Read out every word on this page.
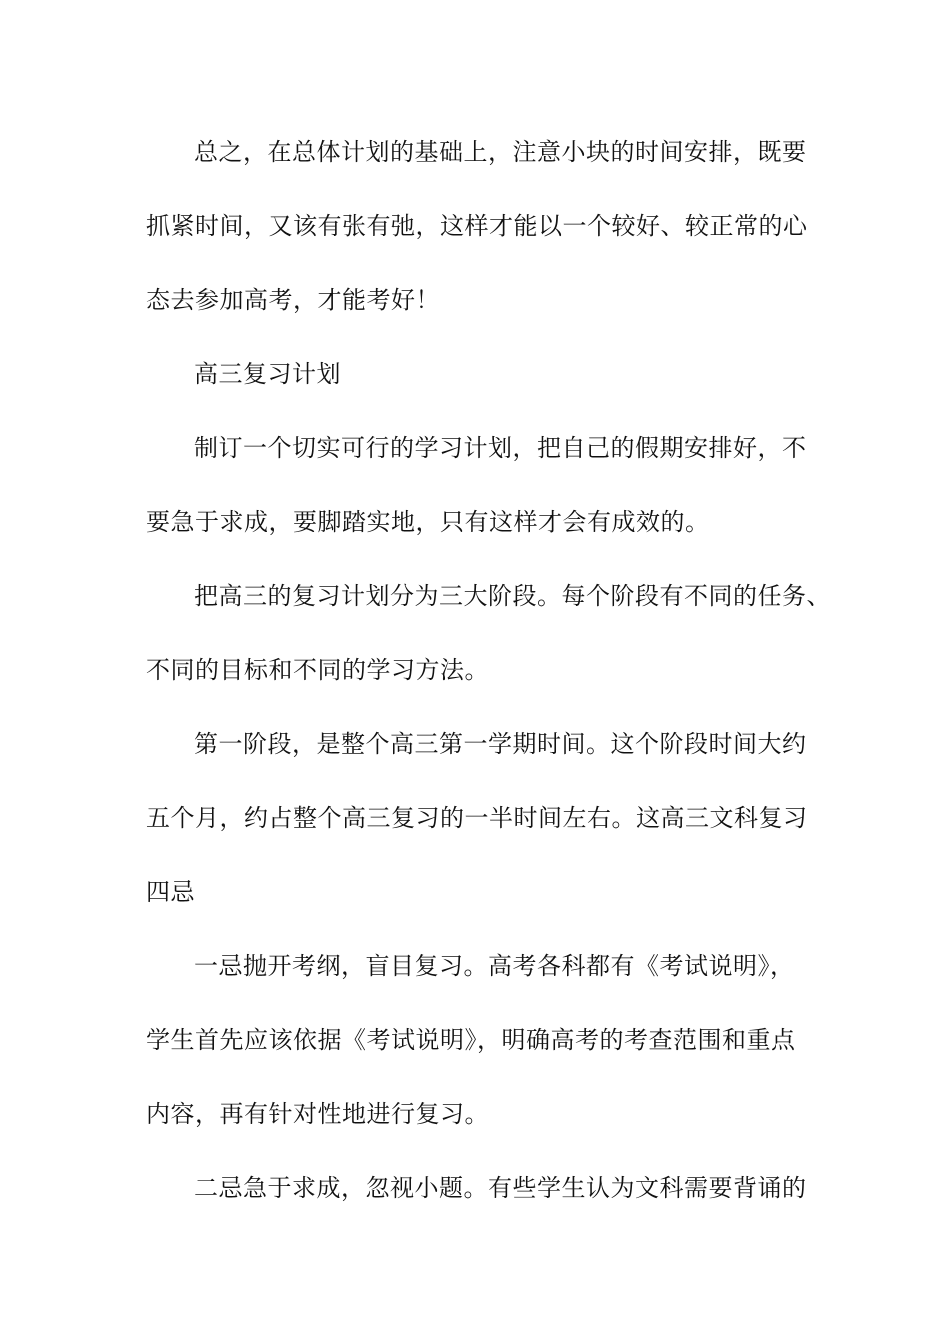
总之，在总体计划的基础上，注意小块的时间安排，既要
抓紧时间，又该有张有弛，这样才能以一个较好、较正常的心
态去参加高考，才能考好！
高三复习计划
制订一个切实可行的学习计划，把自己的假期安排好，不
要急于求成，要脚踏实地，只有这样才会有成效的。
把高三的复习计划分为三大阶段。每个阶段有不同的任务、
不同的目标和不同的学习方法。
第一阶段，是整个高三第一学期时间。这个阶段时间大约
五个月，约占整个高三复习的一半时间左右。这高三文科复习
四忌
一忌抛开考纲，盲目复习。高考各科都有《考试说明》，
学生首先应该依据《考试说明》，明确高考的考查范围和重点
内容，再有针对性地进行复习。
二忌急于求成，忽视小题。有些学生认为文科需要背诵的
